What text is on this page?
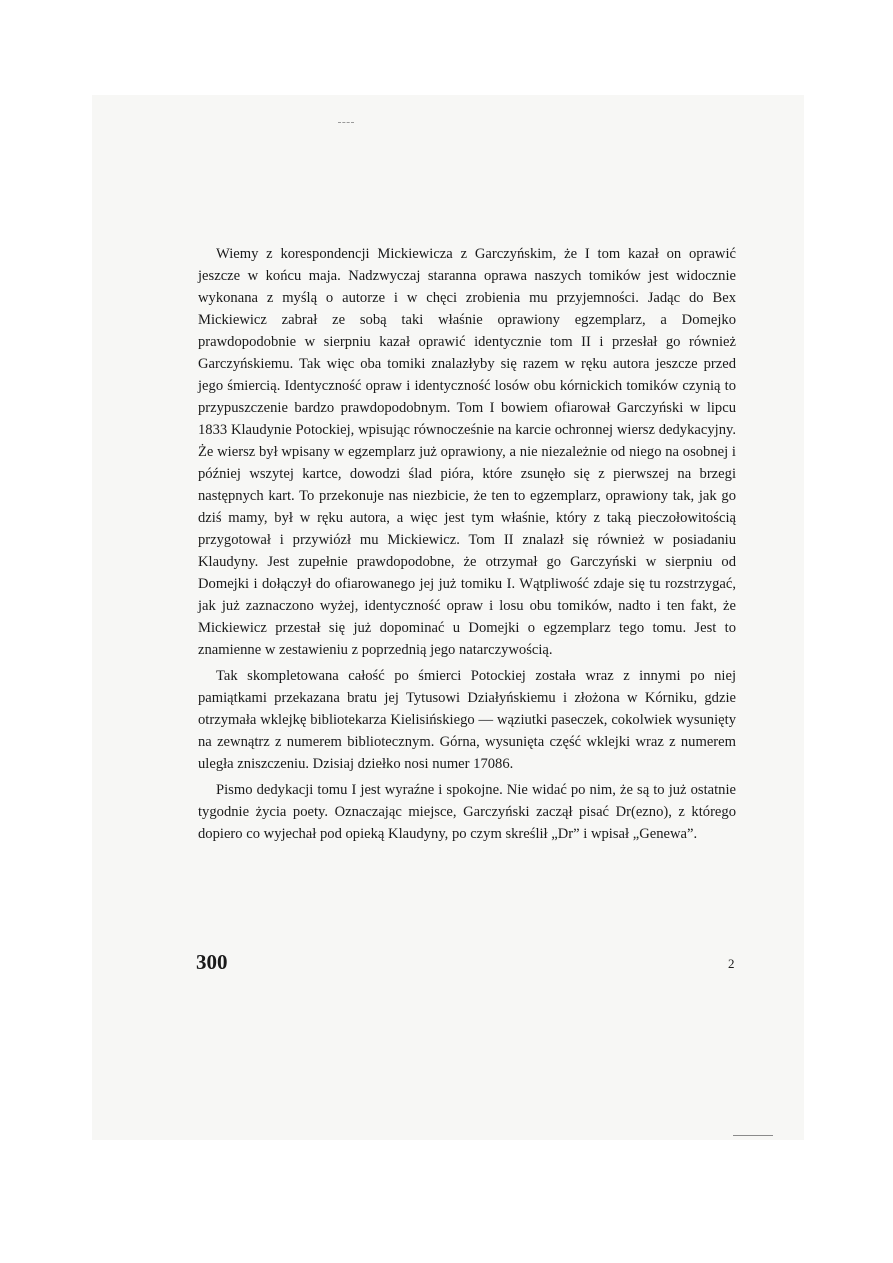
Wiemy z korespondencji Mickiewicza z Garczyńskim, że I tom kazał on oprawić jeszcze w końcu maja. Nadzwyczaj staranna oprawa naszych tomików jest widocznie wykonana z myślą o autorze i w chęci zrobienia mu przyjemności. Jadąc do Bex Mickiewicz zabrał ze sobą taki właśnie oprawiony egzemplarz, a Domejko prawdopodobnie w sierpniu kazał oprawić identycznie tom II i przesłał go również Garczyńskiemu. Tak więc oba tomiki znalazłyby się razem w ręku autora jeszcze przed jego śmiercią. Identyczność opraw i identyczność losów obu kórnickich tomików czynią to przypuszczenie bardzo prawdopodobnym. Tom I bowiem ofiarował Garczyński w lipcu 1833 Klaudynie Potockiej, wpisując równocześnie na karcie ochronnej wiersz dedykacyjny. Że wiersz był wpisany w egzemplarz już oprawiony, a nie niezależnie od niego na osobnej i później wszytej kartce, dowodzi ślad pióra, które zsunęło się z pierwszej na brzegi następnych kart. To przekonuje nas niezbicie, że ten to egzemplarz, oprawiony tak, jak go dziś mamy, był w ręku autora, a więc jest tym właśnie, który z taką pieczołowitością przygotował i przywiózł mu Mickiewicz. Tom II znalazł się również w posiadaniu Klaudyny. Jest zupełnie prawdopodobne, że otrzymał go Garczyński w sierpniu od Domejki i dołączył do ofiarowanego jej już tomiku I. Wątpliwość zdaje się tu rozstrzygać, jak już zaznaczono wyżej, identyczność opraw i losu obu tomików, nadto i ten fakt, że Mickiewicz przestał się już dopominać u Domejki o egzemplarz tego tomu. Jest to znamienne w zestawieniu z poprzednią jego natarczywością.

Tak skompletowana całość po śmierci Potockiej została wraz z innymi po niej pamiątkami przekazana bratu jej Tytusowi Działyńskiemu i złożona w Kórniku, gdzie otrzymała wklejkę bibliotekarza Kielisińskiego — wąziutki paseczek, cokolwiek wysunięty na zewnątrz z numerem bibliotecznym. Górna, wysunięta część wklejki wraz z numerem uległa zniszczeniu. Dzisiaj dziełko nosi numer 17086.

Pismo dedykacji tomu I jest wyraźne i spokojne. Nie widać po nim, że są to już ostatnie tygodnie życia poety. Oznaczając miejsce, Garczyński zaczął pisać Dr(ezno), z którego dopiero co wyjechał pod opieką Klaudyny, po czym skreślił „Dr” i wpisał „Genewa”.

300	2
